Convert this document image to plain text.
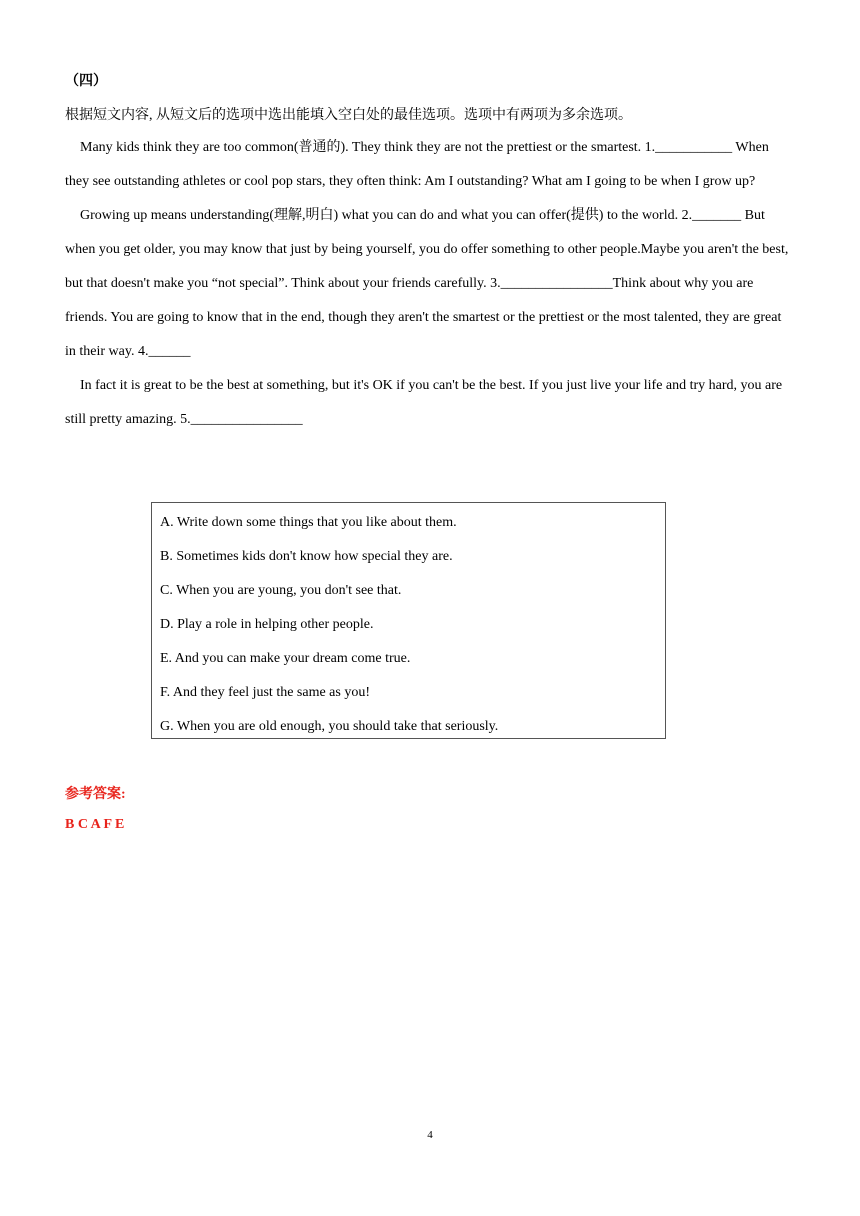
（四）
根据短文内容, 从短文后的选项中选出能填入空白处的最佳选项。选项中有两项为多余选项。

Many kids think they are too common(普通的). They think they are not the prettiest or the smartest. 1.___________ When they see outstanding athletes or cool pop stars, they often think: Am I outstanding? What am I going to be when I grow up?

Growing up means understanding(理解,明白) what you can do and what you can offer(提供) to the world. 2._______ But when you get older, you may know that just by being yourself, you do offer something to other people.Maybe you aren't the best, but that doesn't make you “not special”. Think about your friends carefully. 3.________________Think about why you are friends. You are going to know that in the end, though they aren't the smartest or the prettiest or the most talented, they are great in their way. 4.______

In fact it is great to be the best at something, but it's OK if you can't be the best. If you just live your life and try hard, you are still pretty amazing. 5.________________

A. Write down some things that you like about them.
B. Sometimes kids don't know how special they are.
C. When you are young, you don't see that.
D. Play a role in helping other people.
E. And you can make your dream come true.
F. And they feel just the same as you!
G. When you are old enough, you should take that seriously.
参考答案:
B C A F E
4
